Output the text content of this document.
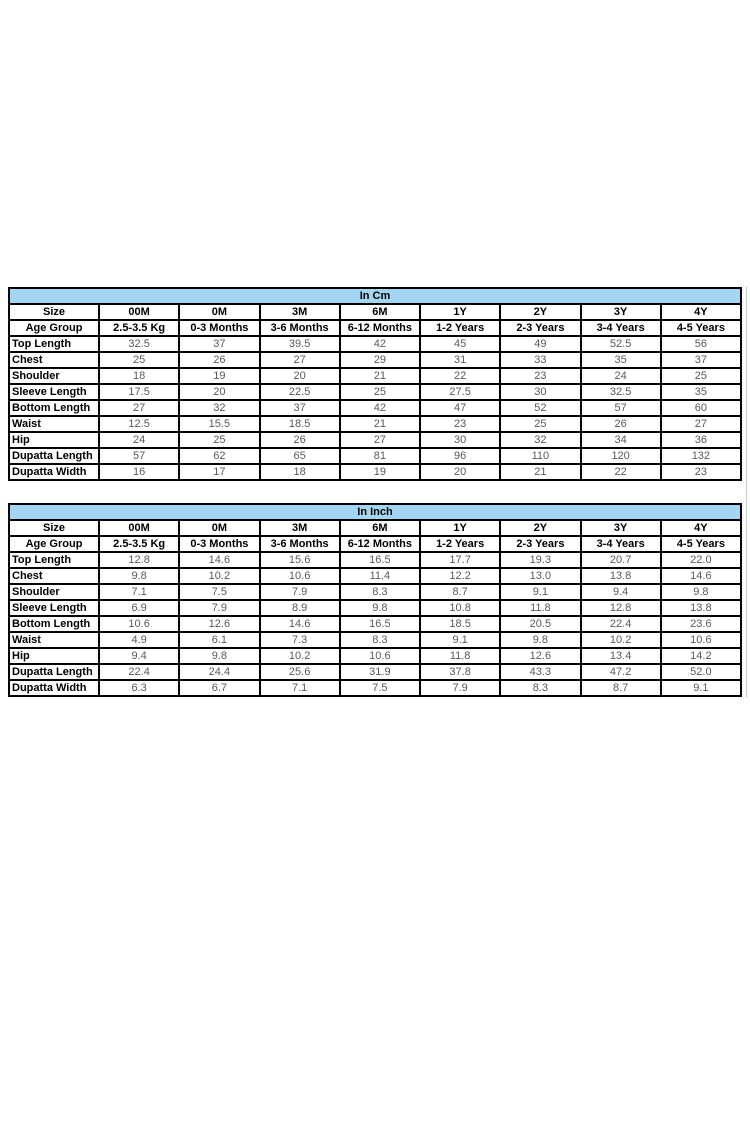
In Cm								
Size	00M	0M	3M	6M	1Y	2Y	3Y	4Y
Age Group	2.5-3.5 Kg	0-3 Months	3-6 Months	6-12 Months	1-2 Years	2-3 Years	3-4 Years	4-5 Years
Top Length	32.5	37	39.5	42	45	49	52.5	56
Chest	25	26	27	29	31	33	35	37
Shoulder	18	19	20	21	22	23	24	25
Sleeve Length	17.5	20	22.5	25	27.5	30	32.5	35
Bottom Length	27	32	37	42	47	52	57	60
Waist	12.5	15.5	18.5	21	23	25	26	27
Hip	24	25	26	27	30	32	34	36
Dupatta Length	57	62	65	81	96	110	120	132
Dupatta Width	16	17	18	19	20	21	22	23
In Inch								
Size	00M	0M	3M	6M	1Y	2Y	3Y	4Y
Age Group	2.5-3.5 Kg	0-3 Months	3-6 Months	6-12 Months	1-2 Years	2-3 Years	3-4 Years	4-5 Years
Top Length	12.8	14.6	15.6	16.5	17.7	19.3	20.7	22.0
Chest	9.8	10.2	10.6	11.4	12.2	13.0	13.8	14.6
Shoulder	7.1	7.5	7.9	8.3	8.7	9.1	9.4	9.8
Sleeve Length	6.9	7.9	8.9	9.8	10.8	11.8	12.8	13.8
Bottom Length	10.6	12.6	14.6	16.5	18.5	20.5	22.4	23.6
Waist	4.9	6.1	7.3	8.3	9.1	9.8	10.2	10.6
Hip	9.4	9.8	10.2	10.6	11.8	12.6	13.4	14.2
Dupatta Length	22.4	24.4	25.6	31.9	37.8	43.3	47.2	52.0
Dupatta Width	6.3	6.7	7.1	7.5	7.9	8.3	8.7	9.1
